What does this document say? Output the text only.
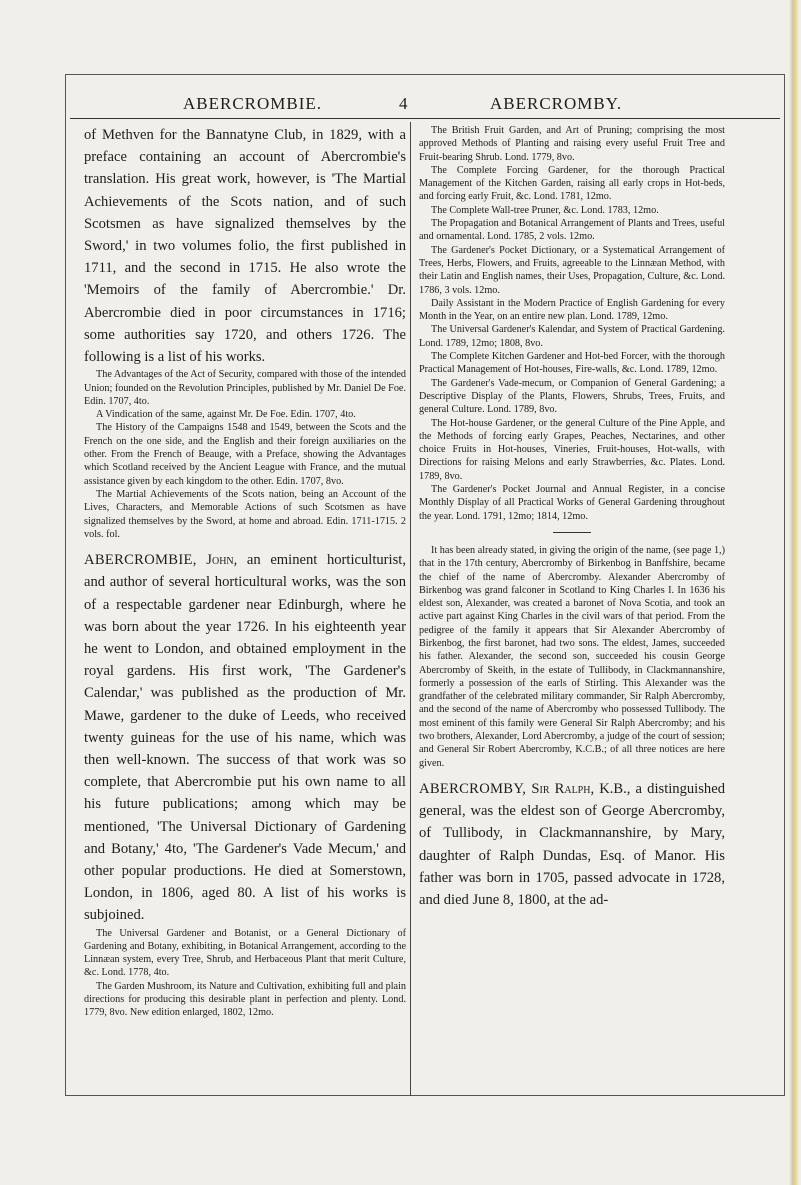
ABERCROMBIE.	4	ABERCROMBY.

of Methven for the Bannatyne Club, in 1829, with a preface containing an account of Abercrombie's translation. His great work, however, is 'The Martial Achievements of the Scots nation, and of such Scotsmen as have signalized themselves by the Sword,' in two volumes folio, the first published in 1711, and the second in 1715. He also wrote the 'Memoirs of the family of Abercrombie.' Dr. Abercrombie died in poor circumstances in 1716; some authorities say 1720, and others 1726. The following is a list of his works.

The Advantages of the Act of Security, compared with those of the intended Union; founded on the Revolution Principles, published by Mr. Daniel De Foe. Edin. 1707, 4to.

A Vindication of the same, against Mr. De Foe. Edin. 1707, 4to.

The History of the Campaigns 1548 and 1549, between the Scots and the French on the one side, and the English and their foreign auxiliaries on the other. From the French of Beauge, with a Preface, showing the Advantages which Scotland received by the Ancient League with France, and the mutual assistance given by each kingdom to the other. Edin. 1707, 8vo.

The Martial Achievements of the Scots nation, being an Account of the Lives, Characters, and Memorable Actions of such Scotsmen as have signalized themselves by the Sword, at home and abroad. Edin. 1711-1715. 2 vols. fol.

ABERCROMBIE, John, an eminent horticulturist, and author of several horticultural works, was the son of a respectable gardener near Edinburgh, where he was born about the year 1726. In his eighteenth year he went to London, and obtained employment in the royal gardens. His first work, 'The Gardener's Calendar,' was published as the production of Mr. Mawe, gardener to the duke of Leeds, who received twenty guineas for the use of his name, which was then well-known. The success of that work was so complete, that Abercrombie put his own name to all his future publications; among which may be mentioned, 'The Universal Dictionary of Gardening and Botany,' 4to, 'The Gardener's Vade Mecum,' and other popular productions. He died at Somerstown, London, in 1806, aged 80. A list of his works is subjoined.

The Universal Gardener and Botanist, or a General Dictionary of Gardening and Botany, exhibiting, in Botanical Arrangement, according to the Linnæan system, every Tree, Shrub, and Herbaceous Plant that merit Culture, &c. Lond. 1778, 4to.

The Garden Mushroom, its Nature and Cultivation, exhibiting full and plain directions for producing this desirable plant in perfection and plenty. Lond. 1779, 8vo. New edition enlarged, 1802, 12mo.

The British Fruit Garden, and Art of Pruning; comprising the most approved Methods of Planting and raising every useful Fruit Tree and Fruit-bearing Shrub. Lond. 1779, 8vo.

The Complete Forcing Gardener, for the thorough Practical Management of the Kitchen Garden, raising all early crops in Hot-beds, and forcing early Fruit, &c. Lond. 1781, 12mo.

The Complete Wall-tree Pruner, &c. Lond. 1783, 12mo.

The Propagation and Botanical Arrangement of Plants and Trees, useful and ornamental. Lond. 1785, 2 vols. 12mo.

The Gardener's Pocket Dictionary, or a Systematical Arrangement of Trees, Herbs, Flowers, and Fruits, agreeable to the Linnæan Method, with their Latin and English names, their Uses, Propagation, Culture, &c. Lond. 1786, 3 vols. 12mo.

Daily Assistant in the Modern Practice of English Gardening for every Month in the Year, on an entire new plan. Lond. 1789, 12mo.

The Universal Gardener's Kalendar, and System of Practical Gardening. Lond. 1789, 12mo; 1808, 8vo.

The Complete Kitchen Gardener and Hot-bed Forcer, with the thorough Practical Management of Hot-houses, Fire-walls, &c. Lond. 1789, 12mo.

The Gardener's Vade-mecum, or Companion of General Gardening; a Descriptive Display of the Plants, Flowers, Shrubs, Trees, Fruits, and general Culture. Lond. 1789, 8vo.

The Hot-house Gardener, or the general Culture of the Pine Apple, and the Methods of forcing early Grapes, Peaches, Nectarines, and other choice Fruits in Hot-houses, Vineries, Fruit-houses, Hot-walls, with Directions for raising Melons and early Strawberries, &c. Plates. Lond. 1789, 8vo.

The Gardener's Pocket Journal and Annual Register, in a concise Monthly Display of all Practical Works of General Gardening throughout the year. Lond. 1791, 12mo; 1814, 12mo.

It has been already stated, in giving the origin of the name, (see page 1,) that in the 17th century, Abercromby of Birkenbog in Banffshire, became the chief of the name of Abercromby. Alexander Abercromby of Birkenbog was grand falconer in Scotland to King Charles I. In 1636 his eldest son, Alexander, was created a baronet of Nova Scotia, and took an active part against King Charles in the civil wars of that period. From the pedigree of the family it appears that Sir Alexander Abercromby of Birkenbog, the first baronet, had two sons. The eldest, James, succeeded his father. Alexander, the second son, succeeded his cousin George Abercromby of Skeith, in the estate of Tullibody, in Clackmannanshire, formerly a possession of the earls of Stirling. This Alexander was the grandfather of the celebrated military commander, Sir Ralph Abercromby, and the second of the name of Abercromby who possessed Tullibody. The most eminent of this family were General Sir Ralph Abercromby; and his two brothers, Alexander, Lord Abercromby, a judge of the court of session; and General Sir Robert Abercromby, K.C.B.; of all three notices are here given.

ABERCROMBY, Sir Ralph, K.B., a distinguished general, was the eldest son of George Abercromby, of Tullibody, in Clackmannanshire, by Mary, daughter of Ralph Dundas, Esq. of Manor. His father was born in 1705, passed advocate in 1728, and died June 8, 1800, at the ad-
